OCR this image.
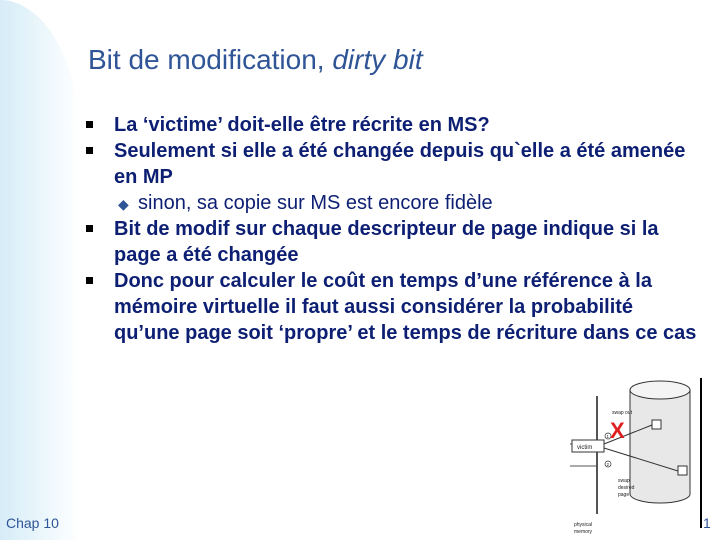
Bit de modification, dirty bit
La ‘victime’ doit-elle être récrite en MS?
Seulement si elle a été changée depuis qu`elle a été amenée en MP
◆ sinon, sa copie sur MS est encore fidèle
Bit de modif sur chaque descripteur de page indique si la page a été changée
Donc pour calculer le coût en temps d’une référence à la mémoire virtuelle il faut aussi considérer la probabilité qu’une page soit ‘propre’ et le temps de récriture dans ce cas
victim
swap out
swap
desired
page
1
2
X
physical
memory
Chap 10	1
